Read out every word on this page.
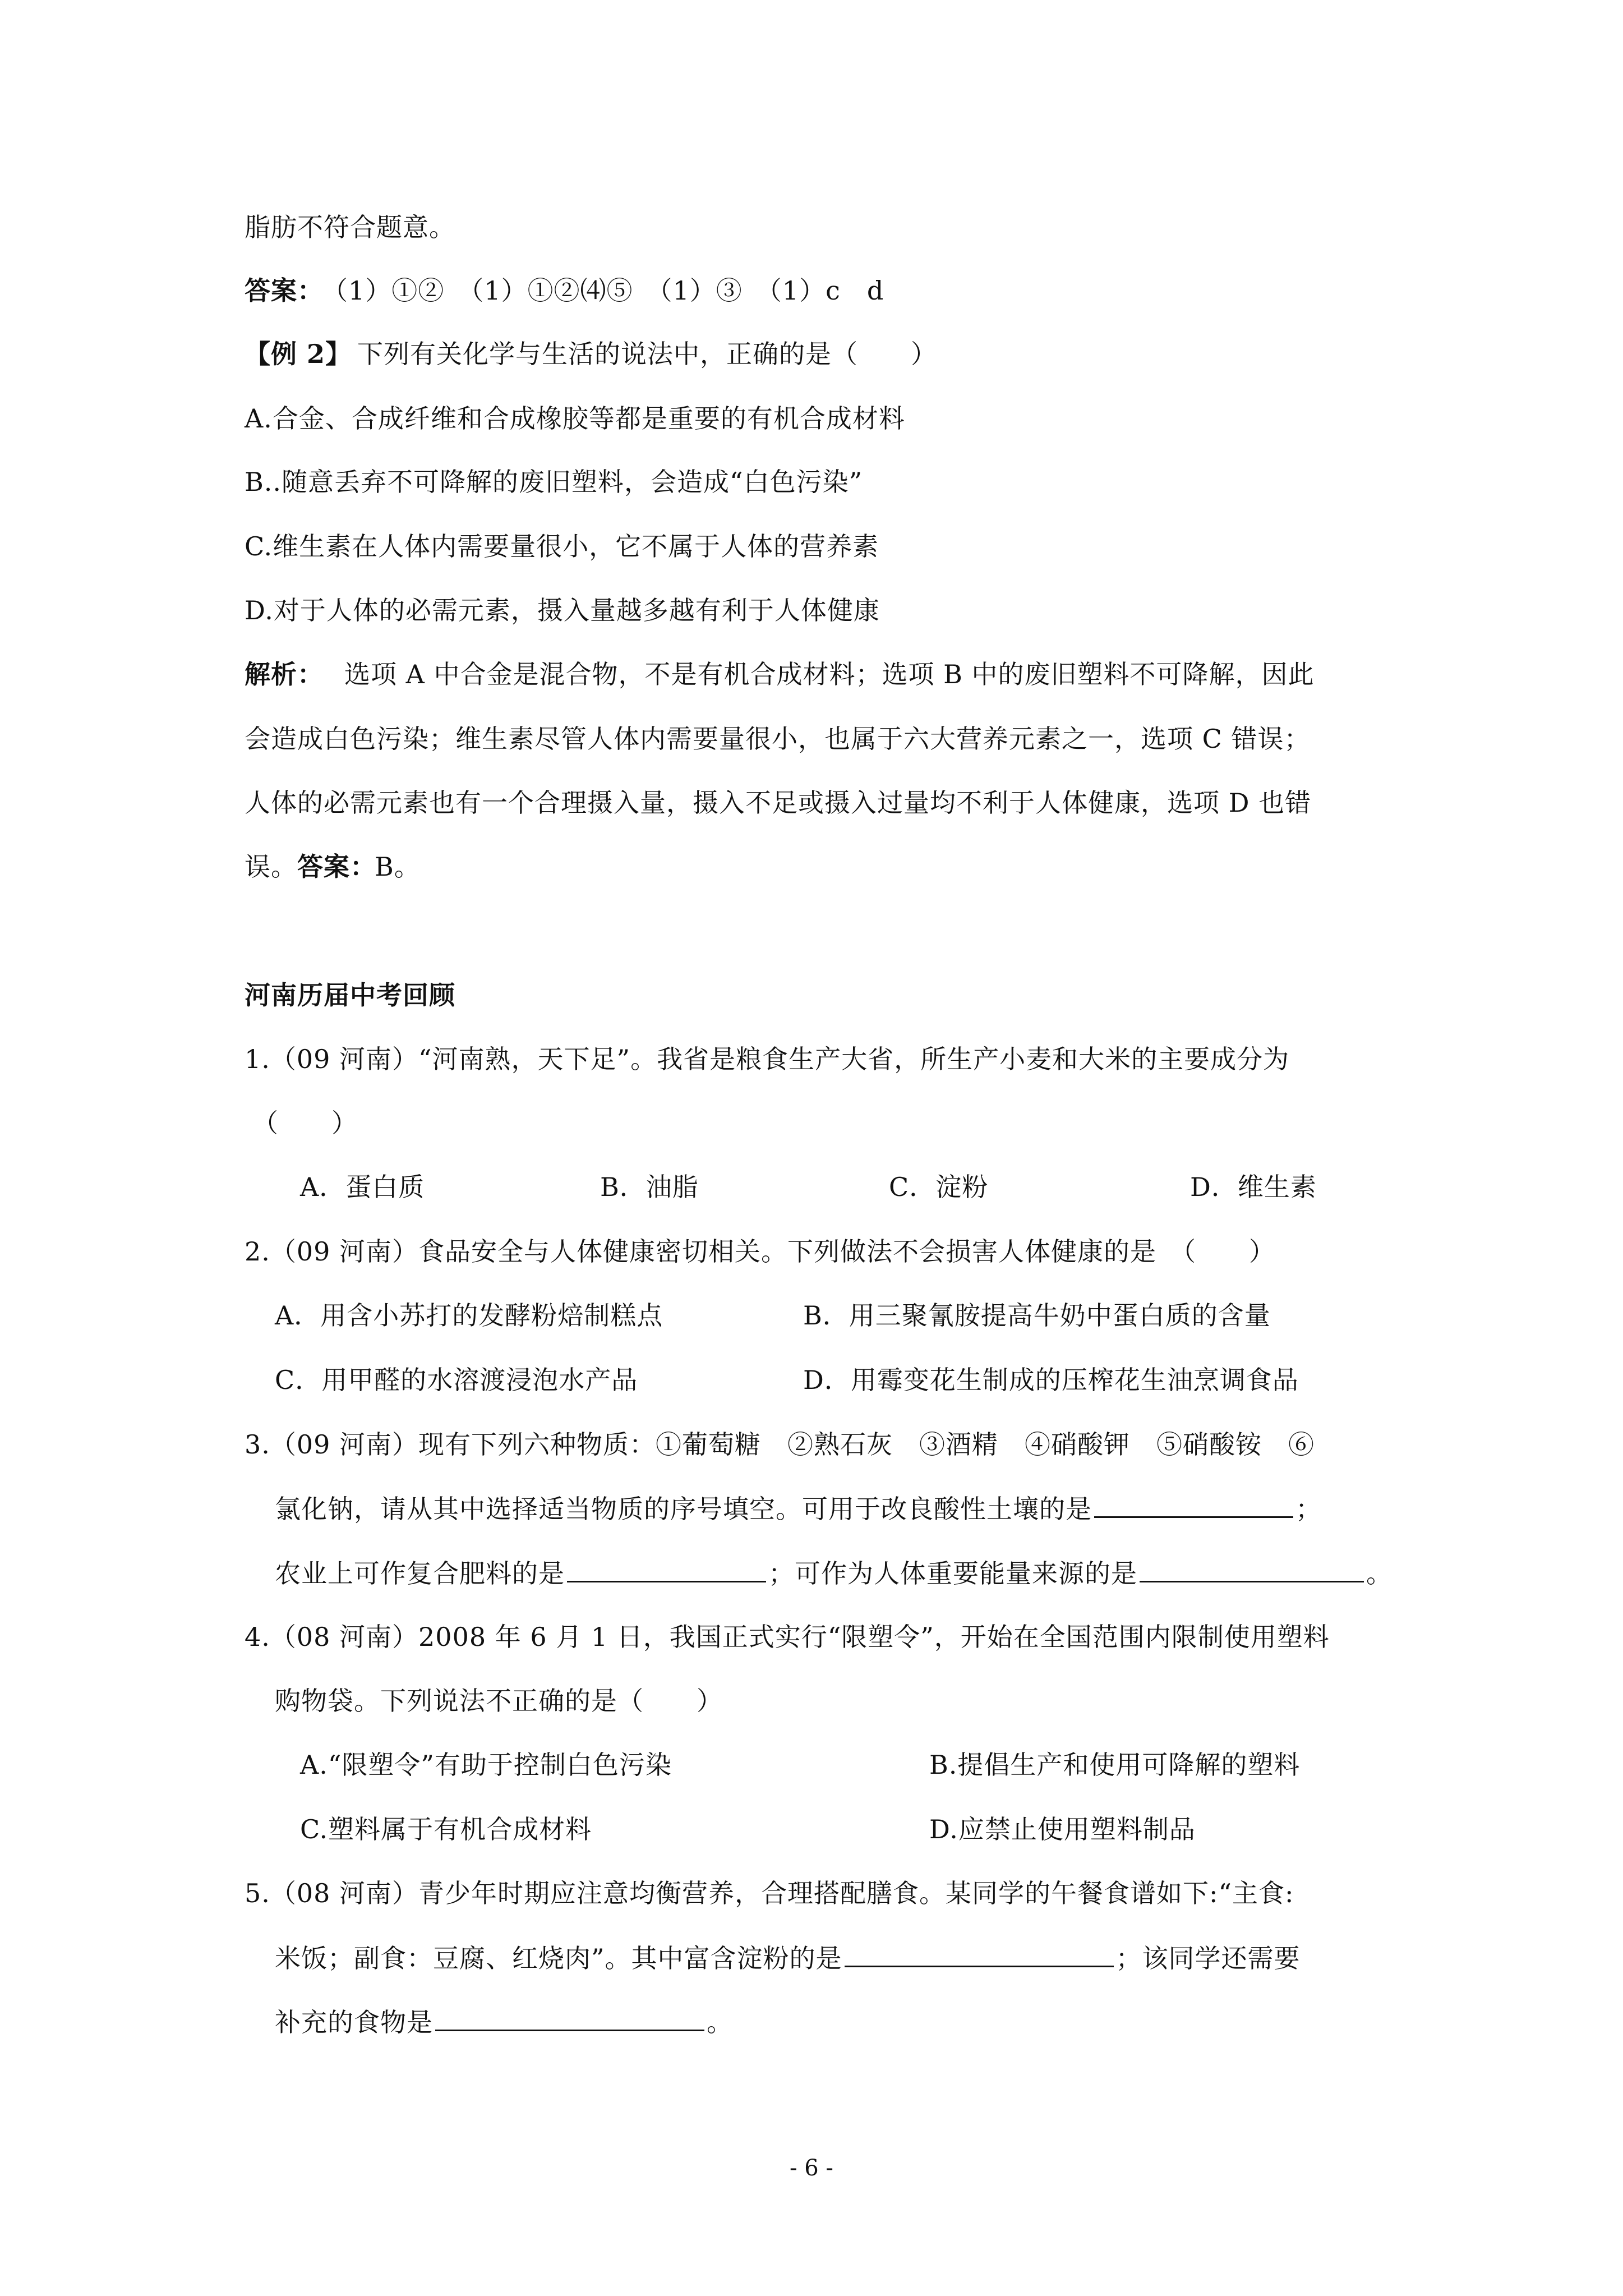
脂肪不符合题意。
答案：
（1）①②　（1）①②⑷⑤　（1）③　（1）c　d
【例 2】 下列有关化学与生活的说法中，正确的是（　　）
A.合金、合成纤维和合成橡胶等都是重要的有机合成材料
B..随意丢弃不可降解的废旧塑料，会造成“白色污染”
C.维生素在人体内需要量很小，它不属于人体的营养素
D.对于人体的必需元素，摄入量越多越有利于人体健康
解析： 选项 A 中合金是混合物，不是有机合成材料；选项 B 中的废旧塑料不可降解，因此
会造成白色污染；维生素尽管人体内需要量很小，也属于六大营养元素之一，选项 C 错误；
人体的必需元素也有一个合理摄入量，摄入不足或摄入过量均不利于人体健康，选项 D 也错
误。 答案：
B。
河南历届中考回顾
1.（09 河南）“河南熟，天下足”。我省是粮食生产大省，所生产小麦和大米的主要成分为
（　　）
A．蛋白质	B．油脂	C．淀粉	D．维生素
2.（09 河南）食品安全与人体健康密切相关。下列做法不会损害人体健康的是　（　　）
A．用含小苏打的发酵粉焙制糕点	B．用三聚氰胺提高牛奶中蛋白质的含量
C．用甲醛的水溶渡浸泡水产品	D．用霉变花生制成的压榨花生油烹调食品
3.（09 河南）现有下列六种物质：①葡萄糖　②熟石灰　③酒精　④硝酸钾　⑤硝酸铵　⑥
氯化钠，请从其中选择适当物质的序号填空。可用于改良酸性土壤的是	；
农业上可作复合肥料的是	；可作为人体重要能量来源的是	。
4.（08 河南）2008 年 6 月 1 日，我国正式实行“限塑令”，开始在全国范围内限制使用塑料
购物袋。下列说法不正确的是（　　）
A.“限塑令”有助于控制白色污染	B.提倡生产和使用可降解的塑料
C.塑料属于有机合成材料	D.应禁止使用塑料制品
5.（08 河南）青少年时期应注意均衡营养，合理搭配膳食。某同学的午餐食谱如下:“主食:
米饭；副食：豆腐、红烧肉”。其中富含淀粉的是	；该同学还需要
补充的食物是	。
- 6 -
